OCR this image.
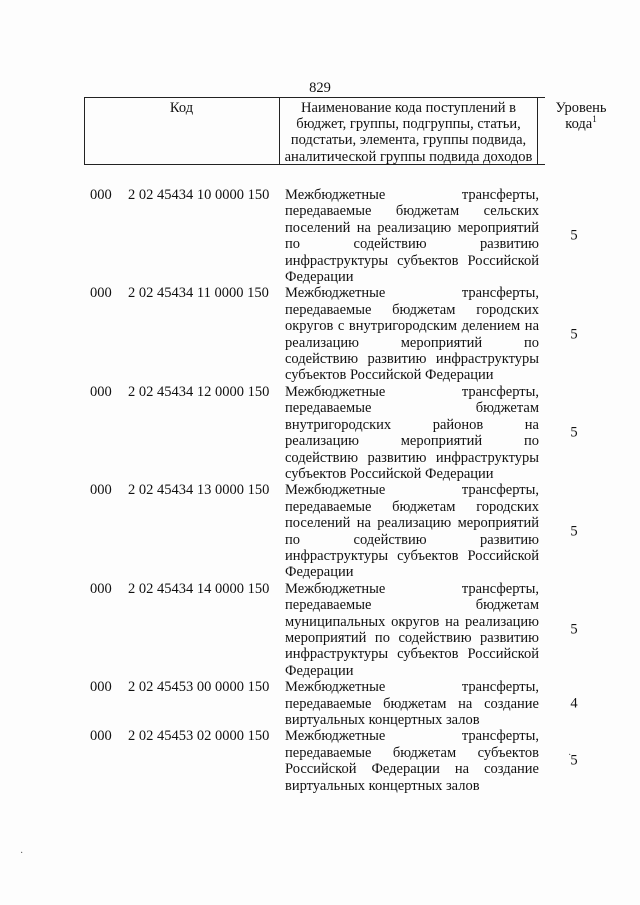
829
Код	Наименование кода поступлений в бюджет, группы, подгруппы, статьи, подстатьи, элемента, группы подвида, аналитической группы подвида доходов
Уровень кода$^1$
000 2 02 45434 10 0000 150 Межбюджетные трансферты, передаваемые бюджетам сельских поселений на реализацию мероприятий по содействию развитию инфраструктуры субъектов Российской Федерации
5
000 2 02 45434 11 0000 150 Межбюджетные трансферты, передаваемые бюджетам городских округов с внутригородским делением на реализацию мероприятий по содействию развитию инфраструктуры субъектов Российской Федерации
5
000 2 02 45434 12 0000 150 Межбюджетные трансферты, передаваемые бюджетам внутригородских районов на реализацию мероприятий по содействию развитию инфраструктуры субъектов Российской Федерации
5
000 2 02 45434 13 0000 150 Межбюджетные трансферты, передаваемые бюджетам городских поселений на реализацию мероприятий по содействию развитию инфраструктуры субъектов Российской Федерации
5
000 2 02 45434 14 0000 150 Межбюджетные трансферты, передаваемые бюджетам муниципальных округов на реализацию мероприятий по содействию развитию инфраструктуры субъектов Российской Федерации
5
000 2 02 45453 00 0000 150 Межбюджетные трансферты, передаваемые бюджетам на создание виртуальных концертных залов
4
000 2 02 45453 02 0000 150 Межбюджетные трансферты, передаваемые бюджетам субъектов Российской Федерации на создание виртуальных концертных залов
5
·
·
